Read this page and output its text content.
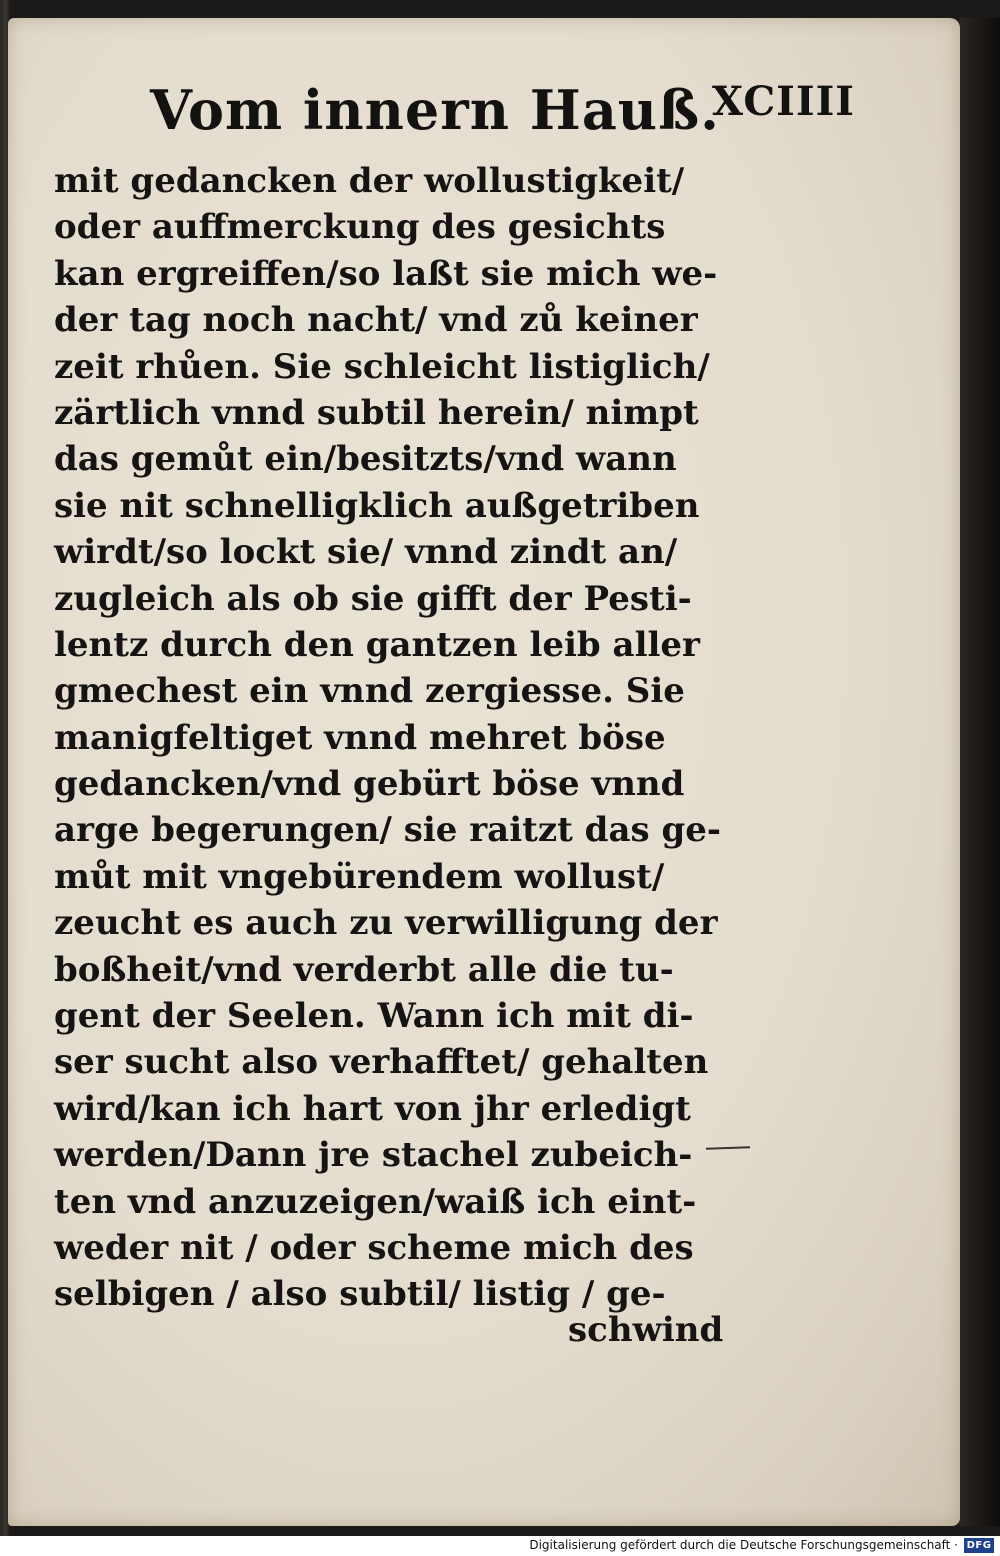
Vom innern Hauß.
XCIIII
mit gedancken der wollustigkeit/
oder auffmerckung des gesichts
kan ergreiffen/so laßt sie mich we-
der tag noch nacht/ vnd zů keiner
zeit rhůen. Sie schleicht listiglich/
zärtlich vnnd subtil herein/ nimpt
das gemůt ein/besitzts/vnd wann
sie nit schnelligklich außgetriben
wirdt/so lockt sie/ vnnd zindt an/
zugleich als ob sie gifft der Pesti-
lentz durch den gantzen leib aller
gmechest ein vnnd zergiesse. Sie
manigfeltiget vnnd mehret böse
gedancken/vnd gebürt böse vnnd
arge begerungen/ sie raitzt das ge-
můt mit vngebürendem wollust/
zeucht es auch zu verwilligung der
boßheit/vnd verderbt alle die tu-
gent der Seelen. Wann ich mit di-
ser sucht also verhafftet/ gehalten
wird/kan ich hart von jhr erledigt
werden/Dann jre stachel zubeich-
ten vnd anzuzeigen/waiß ich eint-
weder nit / oder scheme mich des
selbigen / also subtil/ listig / ge-
schwind
Digitalisierung gefördert durch die Deutsche Forschungsgemeinschaft · DFG
